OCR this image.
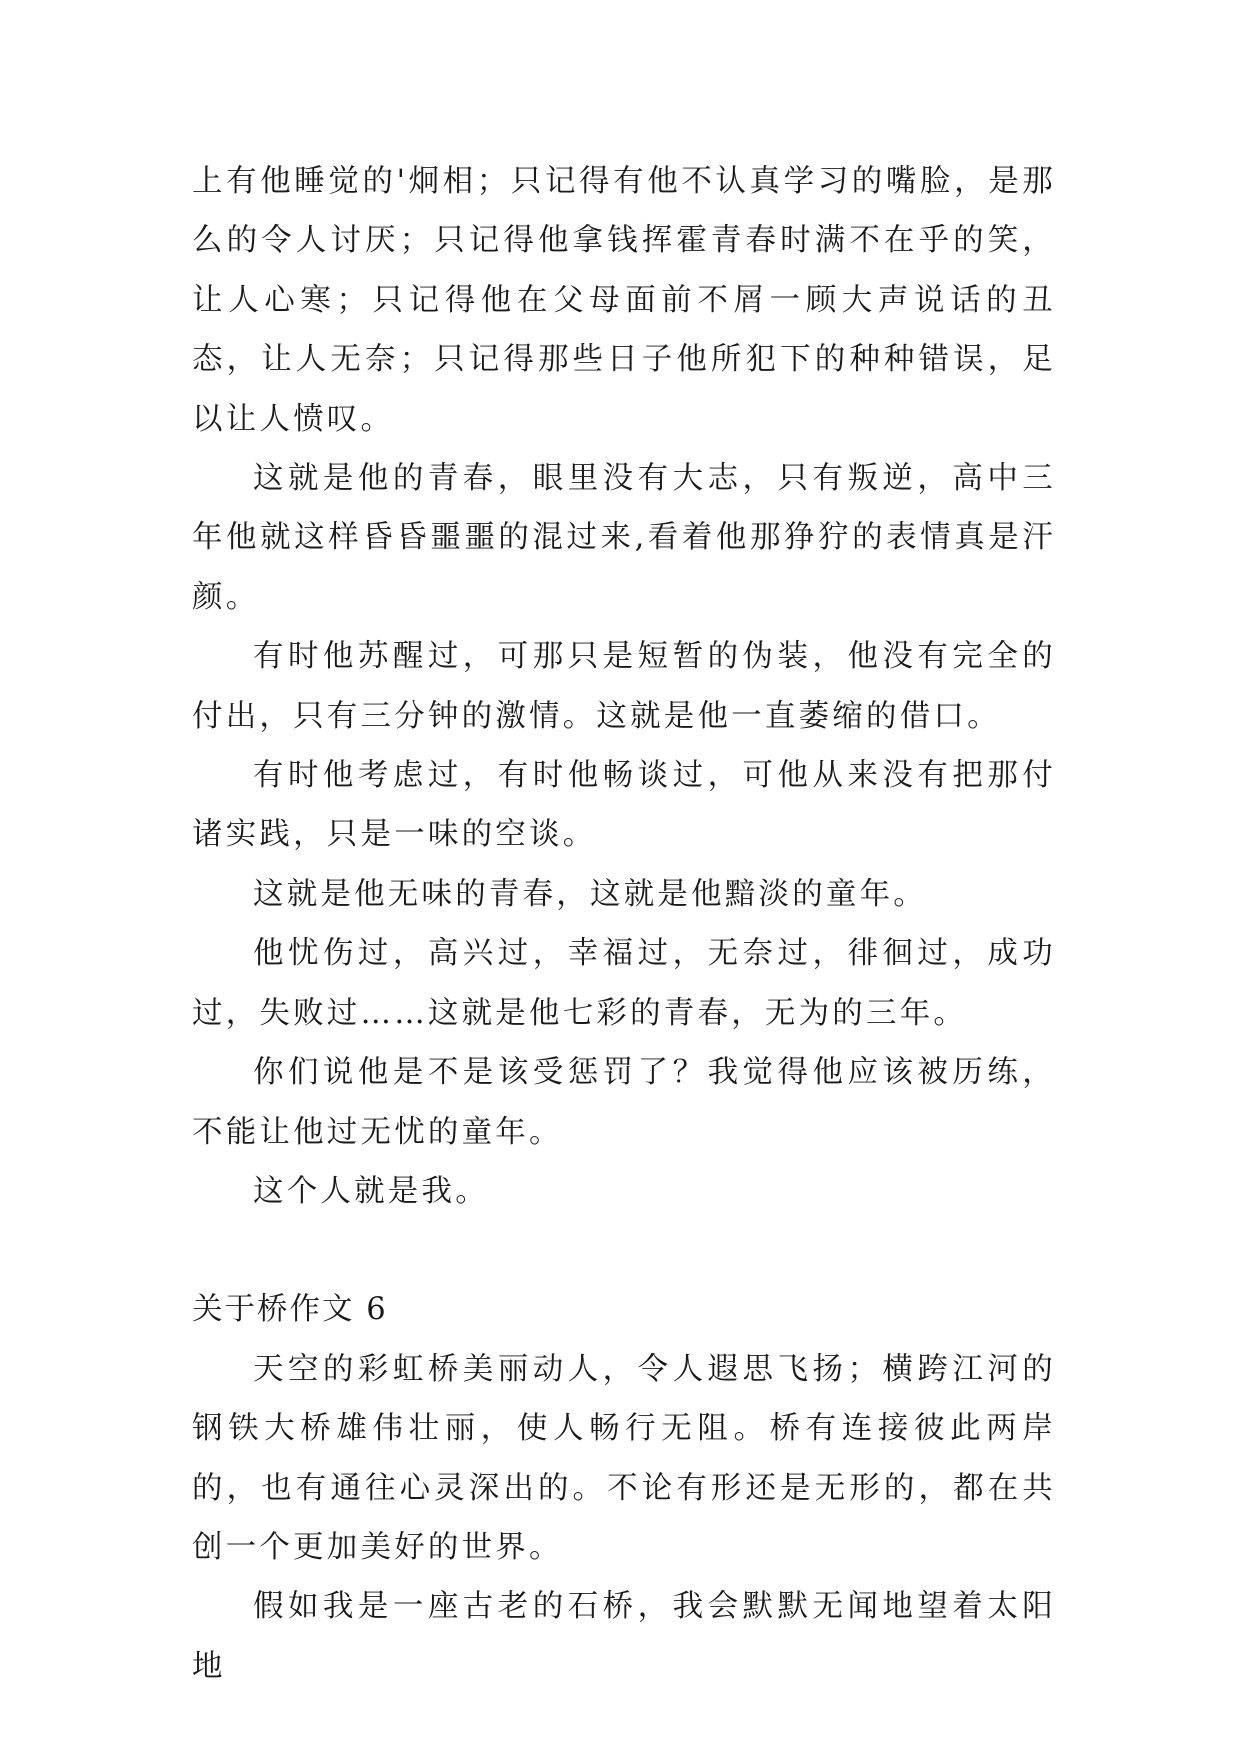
上有他睡觉的'炯相；只记得有他不认真学习的嘴脸，是那么的令人讨厌；只记得他拿钱挥霍青春时满不在乎的笑，让人心寒；只记得他在父母面前不屑一顾大声说话的丑态，让人无奈；只记得那些日子他所犯下的种种错误，足以让人愤叹。

这就是他的青春，眼里没有大志，只有叛逆，高中三年他就这样昏昏噩噩的混过来,看着他那狰狞的表情真是汗颜。

有时他苏醒过，可那只是短暂的伪装，他没有完全的付出，只有三分钟的激情。这就是他一直萎缩的借口。

有时他考虑过，有时他畅谈过，可他从来没有把那付诸实践，只是一味的空谈。

这就是他无味的青春，这就是他黯淡的童年。

他忧伤过，高兴过，幸福过，无奈过，徘徊过，成功过，失败过……这就是他七彩的青春，无为的三年。

你们说他是不是该受惩罚了？我觉得他应该被历练，不能让他过无忧的童年。

这个人就是我。

关于桥作文 6

天空的彩虹桥美丽动人，令人遐思飞扬；横跨江河的钢铁大桥雄伟壮丽，使人畅行无阻。桥有连接彼此两岸的，也有通往心灵深出的。不论有形还是无形的，都在共创一个更加美好的世界。

假如我是一座古老的石桥，我会默默无闻地望着太阳地
